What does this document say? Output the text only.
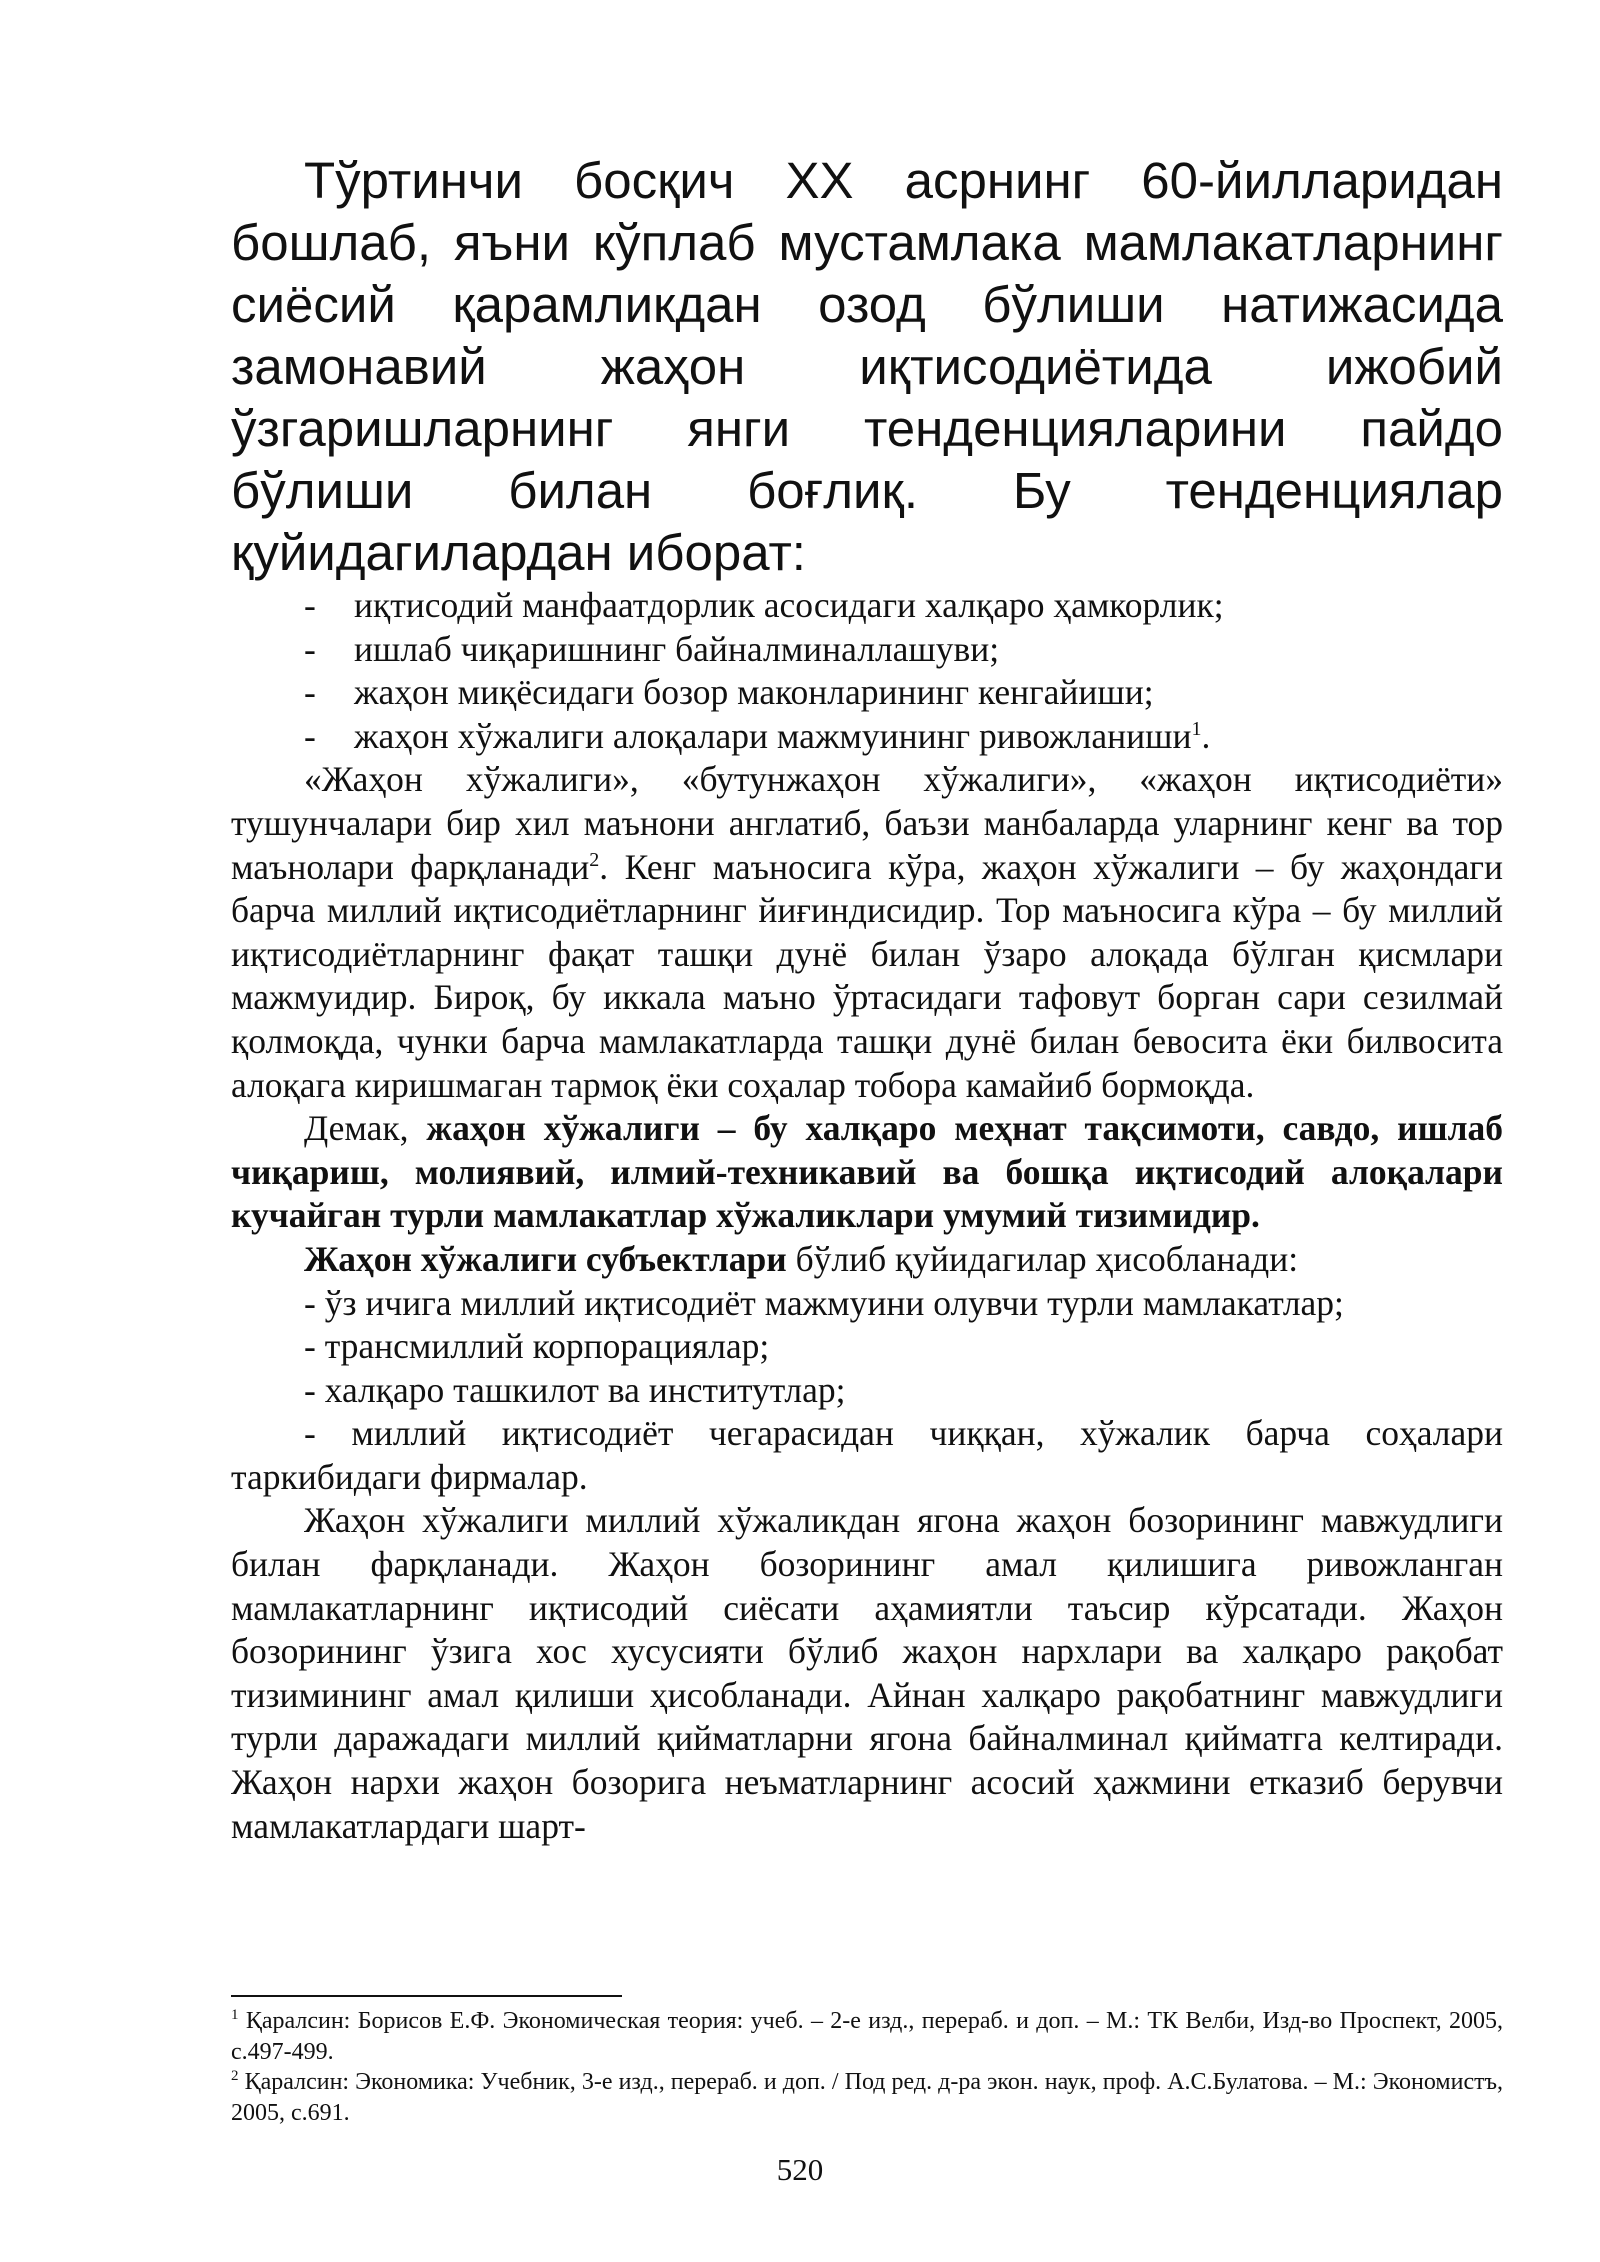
Тўртинчи босқич XX асрнинг 60-йилларидан бошлаб, яъни кўплаб мустамлака мамлакатларнинг сиёсий қарамликдан озод бўлиши натижасида замонавий жаҳон иқтисодиётида ижобий ўзгаришларнинг янги тенденцияларини пайдо бўлиши билан боғлиқ. Бу тенденциялар қуйидагилардан иборат:

-	иқтисодий манфаатдорлик асосидаги халқаро ҳамкорлик;
-	ишлаб чиқаришнинг байналминаллашуви;
-	жаҳон миқёсидаги бозор маконларининг кенгайиши;
-	жаҳон хўжалиги алоқалари мажмуининг ривожланиши$^1$.

«Жаҳон хўжалиги», «бутунжаҳон хўжалиги», «жаҳон иқтисодиёти» тушунчалари бир хил маънони англатиб, баъзи манбаларда уларнинг кенг ва тор маънолари фарқланади$^2$. Кенг маъносига кўра, жаҳон хўжалиги – бу жаҳондаги барча миллий иқтисодиётларнинг йиғиндисидир. Тор маъносига кўра – бу миллий иқтисодиётларнинг фақат ташқи дунё билан ўзаро алоқада бўлган қисмлари мажмуидир. Бироқ, бу иккала маъно ўртасидаги тафовут борган сари сезилмай қолмоқда, чунки барча мамлакатларда ташқи дунё билан бевосита ёки билвосита алоқага киришмаган тармоқ ёки соҳалар тобора камайиб бормоқда.

Демак, жаҳон хўжалиги – бу халқаро меҳнат тақсимоти, савдо, ишлаб чиқариш, молиявий, илмий-техникавий ва бошқа иқтисодий алоқалари кучайган турли мамлакатлар хўжаликлари умумий тизимидир.

Жаҳон хўжалиги субъектлари бўлиб қуйидагилар ҳисобланади:

- ўз ичига миллий иқтисодиёт мажмуини олувчи турли мамлакатлар;

- трансмиллий корпорациялар;

- халқаро ташкилот ва институтлар;

- миллий иқтисодиёт чегарасидан чиққан, хўжалик барча соҳалари таркибидаги фирмалар.

Жаҳон хўжалиги миллий хўжаликдан ягона жаҳон бозорининг мавжудлиги билан фарқланади. Жаҳон бозорининг амал қилишига ривожланган мамлакатларнинг иқтисодий сиёсати аҳамиятли таъсир кўрсатади. Жаҳон бозорининг ўзига хос хусусияти бўлиб жаҳон нархлари ва халқаро рақобат тизимининг амал қилиши ҳисобланади. Айнан халқаро рақобатнинг мавжудлиги турли даражадаги миллий қийматларни ягона байналминал қийматга келтиради. Жаҳон нархи жаҳон бозорига неъматларнинг асосий ҳажмини етказиб берувчи мамлакатлардаги шарт-

$^1$ Қаралсин: Борисов Е.Ф. Экономическая теория: учеб. – 2-е изд., перераб. и доп. – М.: ТК Велби, Изд-во Проспект, 2005, с.497-499.

$^2$ Қаралсин: Экономика: Учебник, 3-е изд., перераб. и доп. / Под ред. д-ра экон. наук, проф. А.С.Булатова. – М.: Экономистъ, 2005, с.691.

520
